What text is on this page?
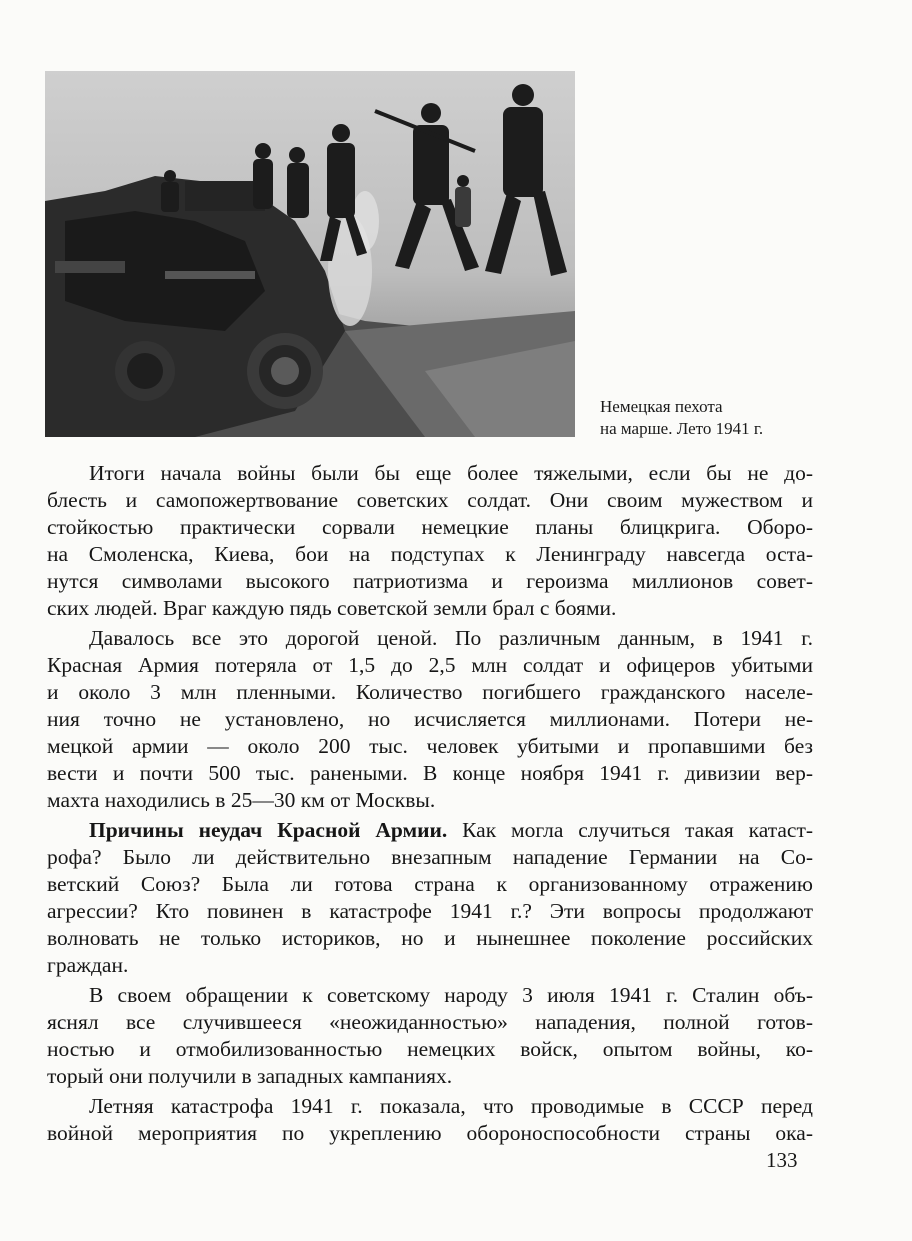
Немецкая пехота
на марше. Лето 1941 г.
Итоги начала войны были бы еще более тяжелыми, если бы не до-
блесть и самопожертвование советских солдат. Они своим мужеством и
стойкостью практически сорвали немецкие планы блицкрига. Оборо-
на Смоленска, Киева, бои на подступах к Ленинграду навсегда оста-
нутся символами высокого патриотизма и героизма миллионов совет-
ских людей. Враг каждую пядь советской земли брал с боями.
Давалось все это дорогой ценой. По различным данным, в 1941 г.
Красная Армия потеряла от 1,5 до 2,5 млн солдат и офицеров убитыми
и около 3 млн пленными. Количество погибшего гражданского населе-
ния точно не установлено, но исчисляется миллионами. Потери не-
мецкой армии — около 200 тыс. человек убитыми и пропавшими без
вести и почти 500 тыс. ранеными. В конце ноября 1941 г. дивизии вер-
махта находились в 25—30 км от Москвы.
Причины неудач Красной Армии. Как могла случиться такая катаст-
рофа? Было ли действительно внезапным нападение Германии на Со-
ветский Союз? Была ли готова страна к организованному отражению
агрессии? Кто повинен в катастрофе 1941 г.? Эти вопросы продолжают
волновать не только историков, но и нынешнее поколение российских
граждан.
В своем обращении к советскому народу 3 июля 1941 г. Сталин объ-
яснял все случившееся «неожиданностью» нападения, полной готов-
ностью и отмобилизованностью немецких войск, опытом войны, ко-
торый они получили в западных кампаниях.
Летняя катастрофа 1941 г. показала, что проводимые в СССР перед
войной мероприятия по укреплению обороноспособности страны ока-
133
